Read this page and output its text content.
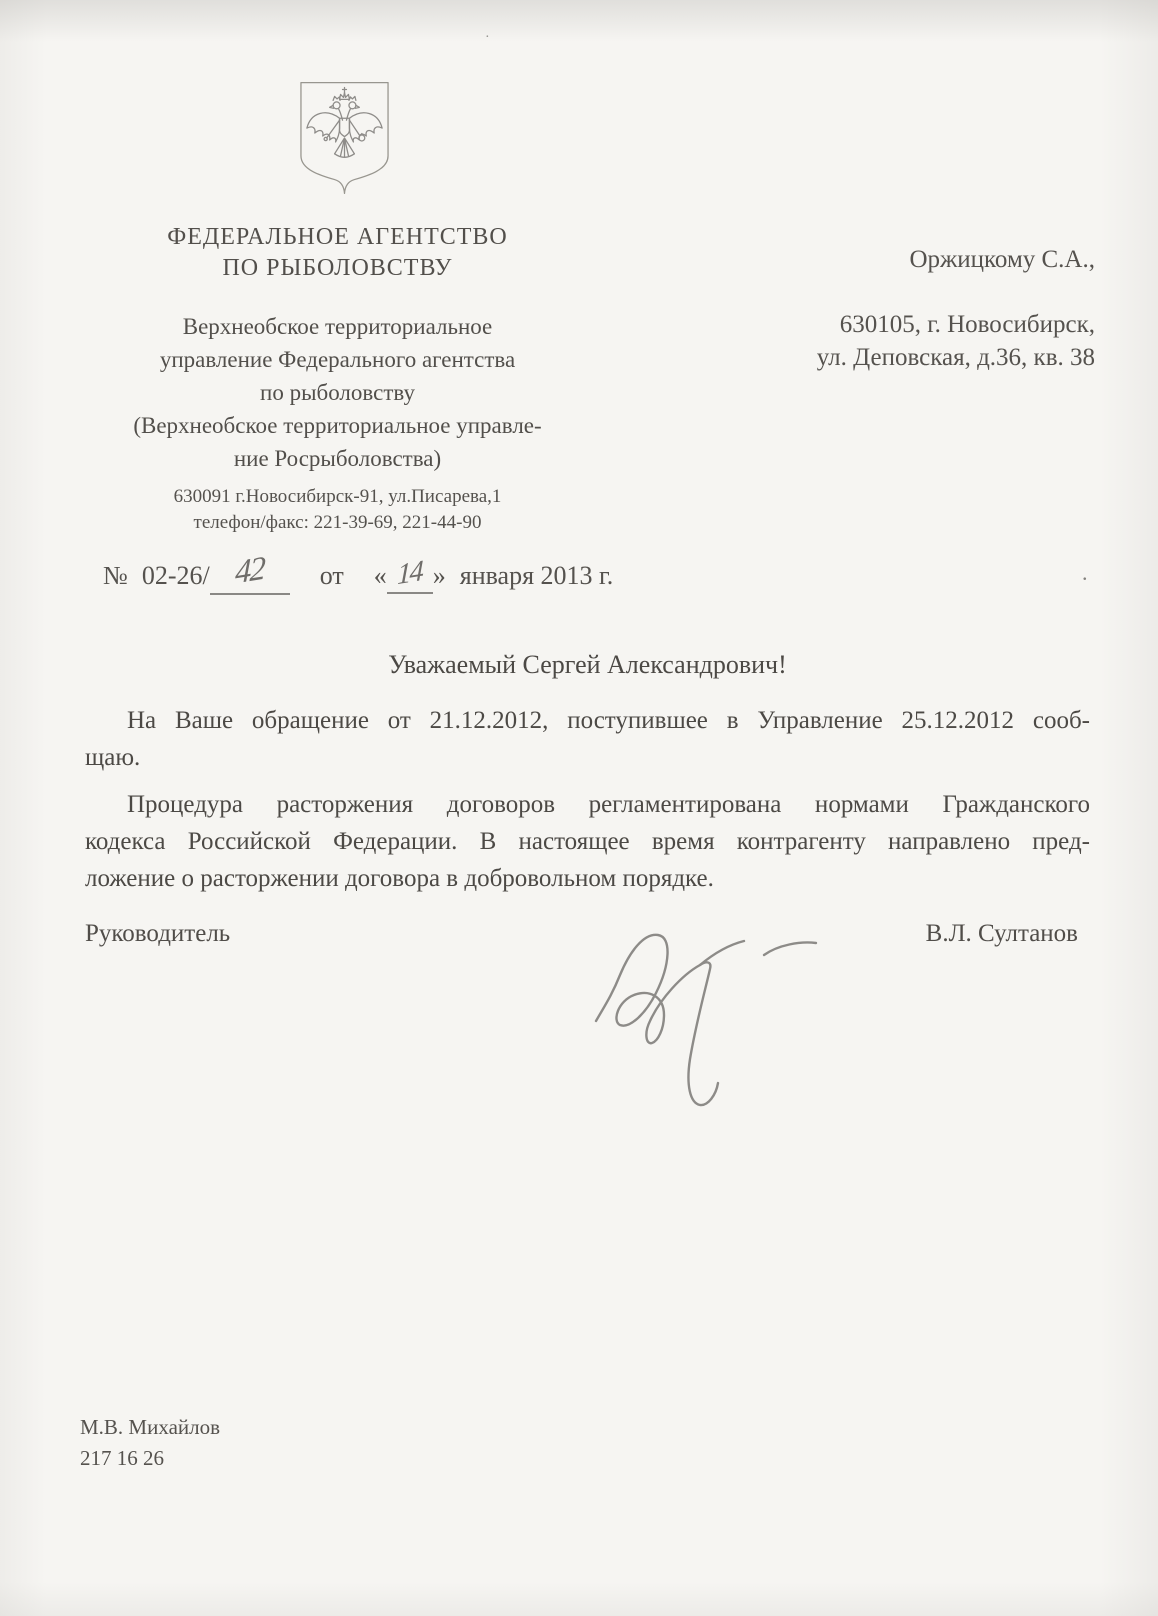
ФЕДЕРАЛЬНОЕ АГЕНТСТВО
ПО РЫБОЛОВСТВУ
Верхнеобское территориальное
управление Федерального агентства
по рыболовству
(Верхнеобское территориальное управле-
ние Росрыболовства)
630091 г.Новосибирск-91, ул.Писарева,1
телефон/факс: 221-39-69, 221-44-90
№ 02-26/ 42 от « 14 » января 2013 г.	.
Оржицкому С.А.,
630105, г. Новосибирск,
ул. Деповская, д.36, кв. 38
Уважаемый Сергей Александрович!
На Ваше обращение от 21.12.2012, поступившее в Управление 25.12.2012 сооб-
щаю.
Процедура расторжения договоров регламентирована нормами Гражданского
кодекса Российской Федерации. В настоящее время контрагенту направлено пред-
ложение о расторжении договора в добровольном порядке.
Руководитель	В.Л. Султанов
М.В. Михайлов
217 16 26
·
